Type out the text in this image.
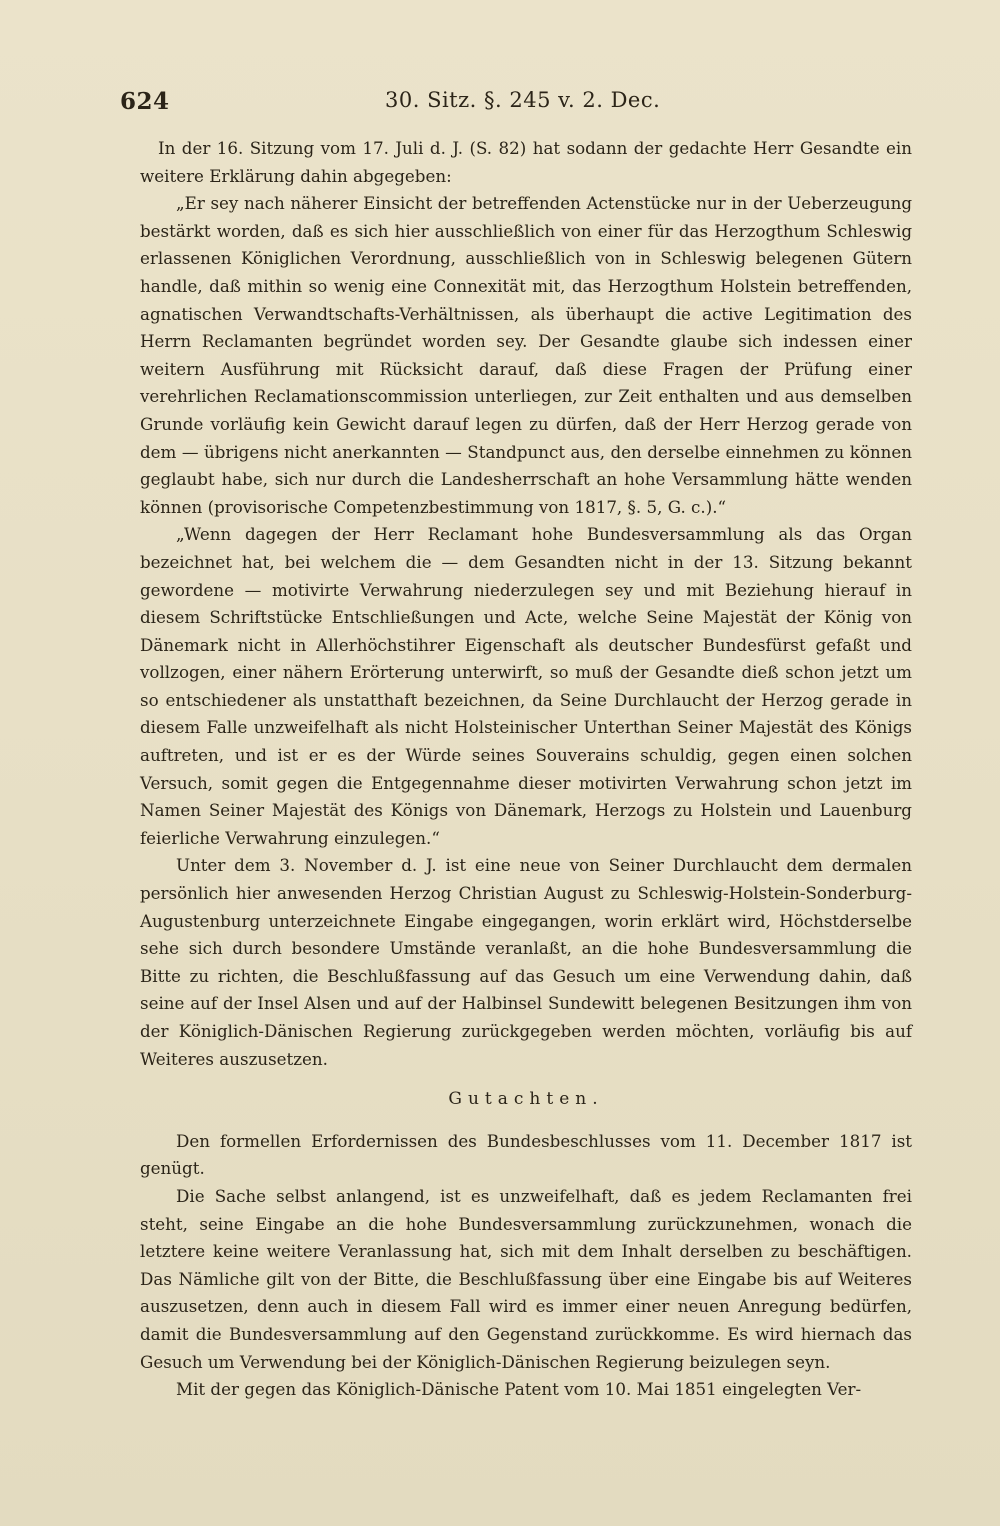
624	30. Sitz. §. 245 v. 2. Dec.

In der 16. Sitzung vom 17. Juli d. J. (S. 82) hat sodann der gedachte Herr Gesandte ein weitere Erklärung dahin abgegeben:

„Er sey nach näherer Einsicht der betreffenden Actenstücke nur in der Ueberzeugung bestärkt worden, daß es sich hier ausschließlich von einer für das Herzogthum Schleswig erlassenen Königlichen Verordnung, ausschließlich von in Schleswig belegenen Gütern handle, daß mithin so wenig eine Connexität mit, das Herzogthum Holstein betreffenden, agnatischen Verwandtschafts-Verhältnissen, als überhaupt die active Legitimation des Herrn Reclamanten begründet worden sey. Der Gesandte glaube sich indessen einer weitern Ausführung mit Rücksicht darauf, daß diese Fragen der Prüfung einer verehrlichen Reclamationscommission unterliegen, zur Zeit enthalten und aus demselben Grunde vorläufig kein Gewicht darauf legen zu dürfen, daß der Herr Herzog gerade von dem — übrigens nicht anerkannten — Standpunct aus, den derselbe einnehmen zu können geglaubt habe, sich nur durch die Landesherrschaft an hohe Versammlung hätte wenden können (provisorische Competenzbestimmung von 1817, §. 5, G. c.).“

„Wenn dagegen der Herr Reclamant hohe Bundesversammlung als das Organ bezeichnet hat, bei welchem die — dem Gesandten nicht in der 13. Sitzung bekannt gewordene — motivirte Verwahrung niederzulegen sey und mit Beziehung hierauf in diesem Schriftstücke Entschließungen und Acte, welche Seine Majestät der König von Dänemark nicht in Allerhöchstihrer Eigenschaft als deutscher Bundesfürst gefaßt und vollzogen, einer nähern Erörterung unterwirft, so muß der Gesandte dieß schon jetzt um so entschiedener als unstatthaft bezeichnen, da Seine Durchlaucht der Herzog gerade in diesem Falle unzweifelhaft als nicht Holsteinischer Unterthan Seiner Majestät des Königs auftreten, und ist er es der Würde seines Souverains schuldig, gegen einen solchen Versuch, somit gegen die Entgegennahme dieser motivirten Verwahrung schon jetzt im Namen Seiner Majestät des Königs von Dänemark, Herzogs zu Holstein und Lauenburg feierliche Verwahrung einzulegen.“

Unter dem 3. November d. J. ist eine neue von Seiner Durchlaucht dem dermalen persönlich hier anwesenden Herzog Christian August zu Schleswig-Holstein-Sonderburg-Augustenburg unterzeichnete Eingabe eingegangen, worin erklärt wird, Höchstderselbe sehe sich durch besondere Umstände veranlaßt, an die hohe Bundesversammlung die Bitte zu richten, die Beschlußfassung auf das Gesuch um eine Verwendung dahin, daß seine auf der Insel Alsen und auf der Halbinsel Sundewitt belegenen Besitzungen ihm von der Königlich-Dänischen Regierung zurückgegeben werden möchten, vorläufig bis auf Weiteres auszusetzen.

Gutachten.

Den formellen Erfordernissen des Bundesbeschlusses vom 11. December 1817 ist genügt.

Die Sache selbst anlangend, ist es unzweifelhaft, daß es jedem Reclamanten frei steht, seine Eingabe an die hohe Bundesversammlung zurückzunehmen, wonach die letztere keine weitere Veranlassung hat, sich mit dem Inhalt derselben zu beschäftigen. Das Nämliche gilt von der Bitte, die Beschlußfassung über eine Eingabe bis auf Weiteres auszusetzen, denn auch in diesem Fall wird es immer einer neuen Anregung bedürfen, damit die Bundesversammlung auf den Gegenstand zurückkomme. Es wird hiernach das Gesuch um Verwendung bei der Königlich-Dänischen Regierung beizulegen seyn.

Mit der gegen das Königlich-Dänische Patent vom 10. Mai 1851 eingelegten Ver-
